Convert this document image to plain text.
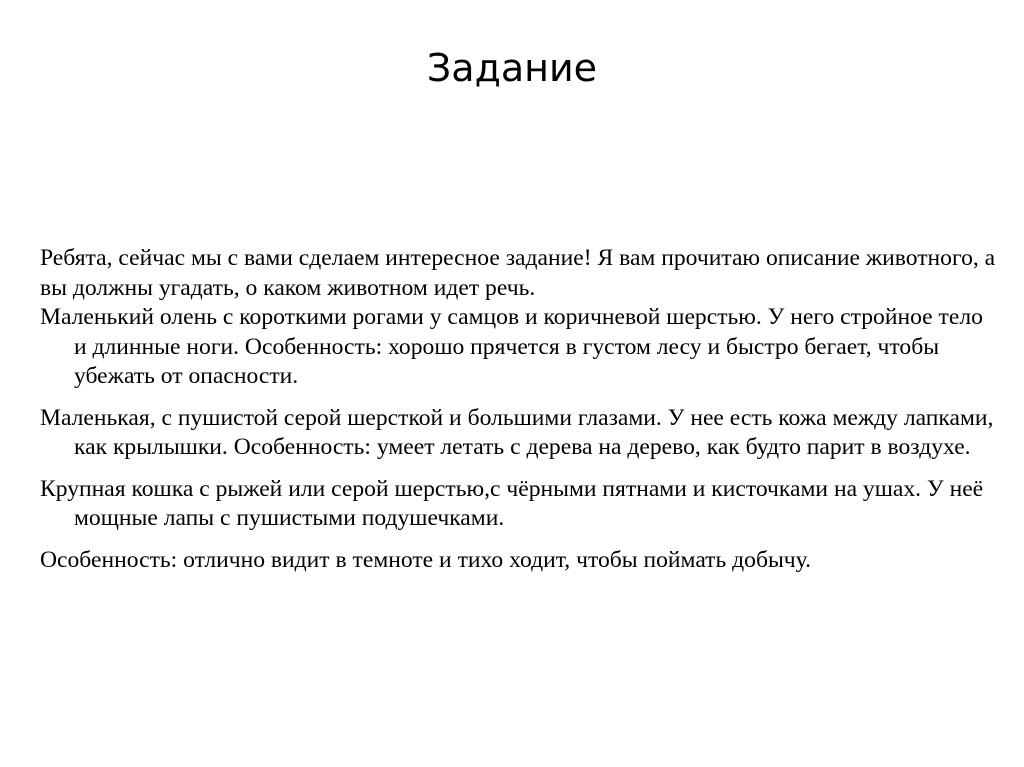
Задание

Ребята, сейчас мы с вами сделаем интересное задание! Я вам прочитаю описание животного, а вы должны угадать, о каком животном идет речь.

Маленький олень с короткими рогами у самцов и коричневой шерстью. У него стройное тело и длинные ноги. Особенность: хорошо прячется в густом лесу и быстро бегает, чтобы убежать от опасности.

Маленькая, с пушистой серой шерсткой и большими глазами. У нее есть кожа между лапками, как крылышки. Особенность: умеет летать с дерева на дерево, как будто парит в воздухе.

Крупная кошка с рыжей или серой шерстью,с чёрными пятнами и кисточками на ушах. У неё мощные лапы с пушистыми подушечками.

Особенность: отлично видит в темноте и тихо ходит, чтобы поймать добычу.
